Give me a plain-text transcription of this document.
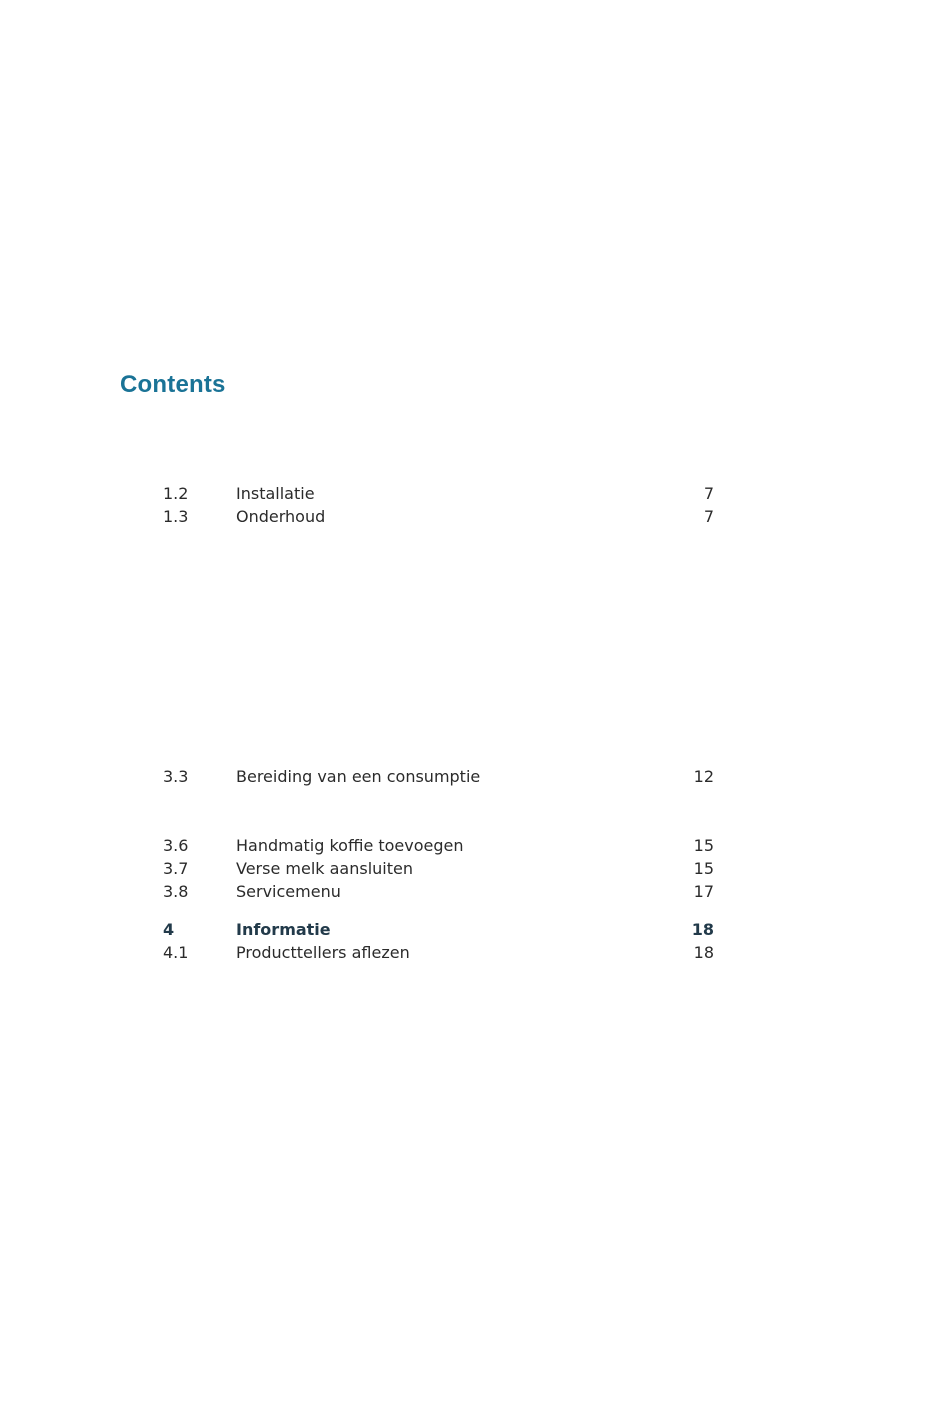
Contents
1.2	Installatie	7
1.3	Onderhoud	7
3.3	Bereiding van een consumptie	12
3.6	Handmatig koffie toevoegen	15
3.7	Verse melk aansluiten	15
3.8	Servicemenu	17
4	Informatie	18
4.1	Producttellers aflezen	18
